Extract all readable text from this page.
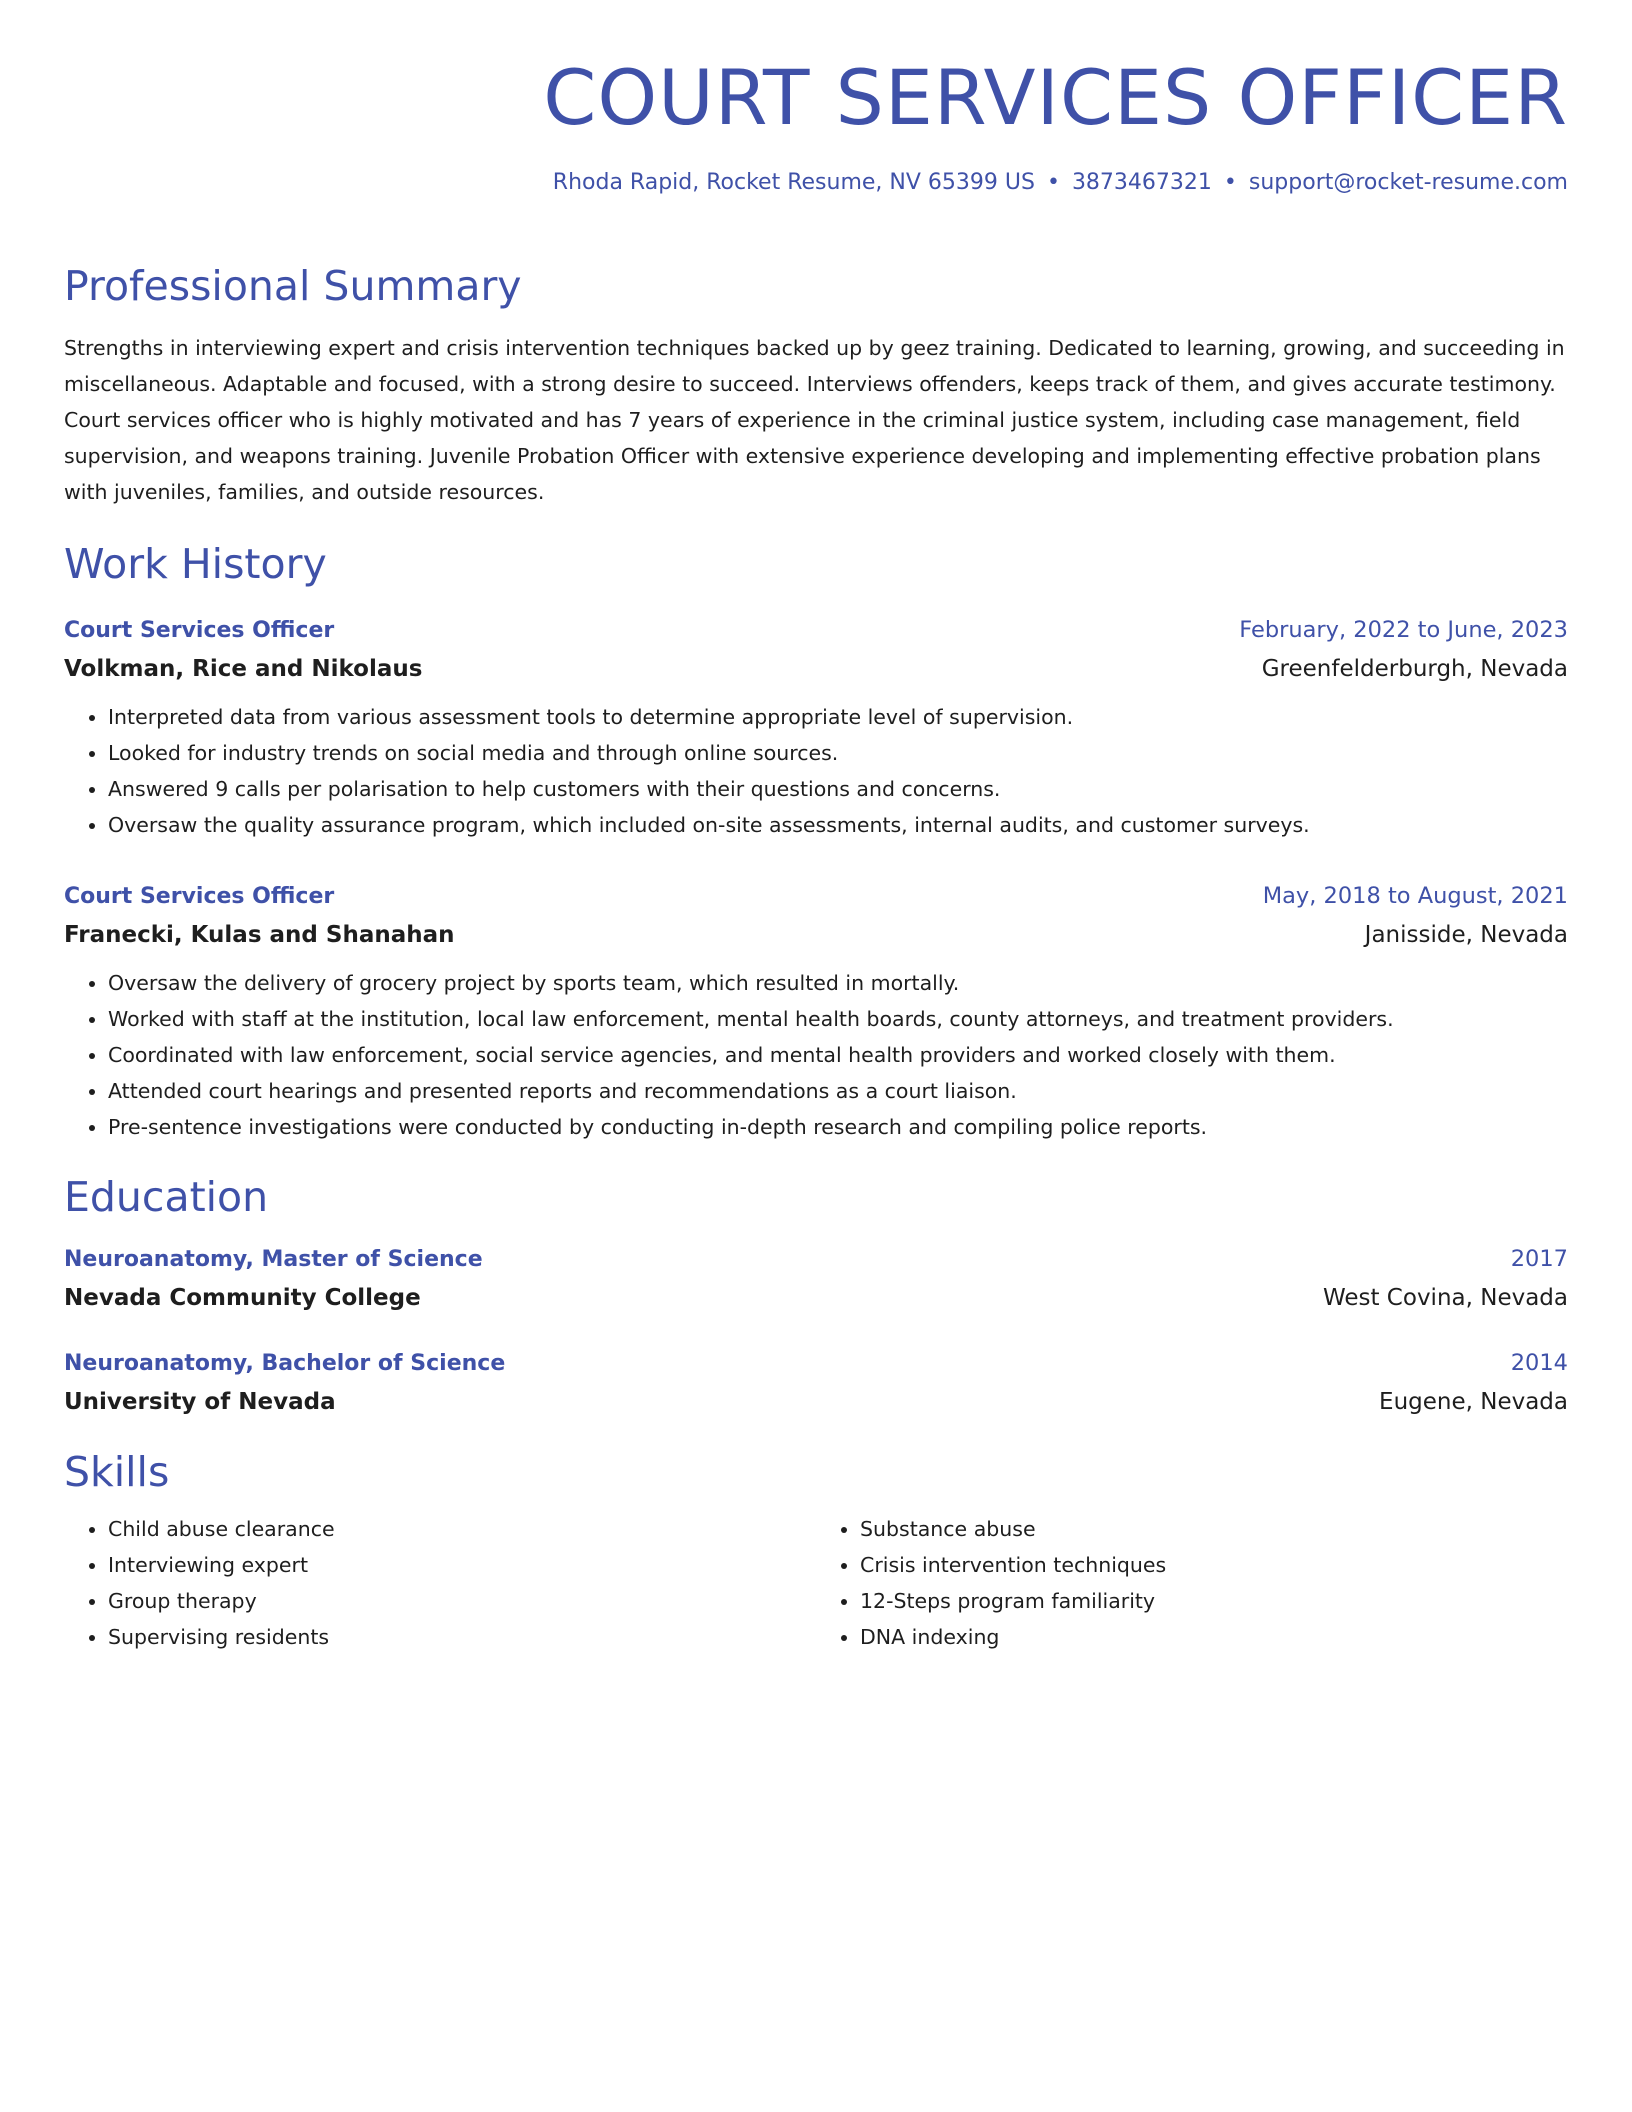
COURT SERVICES OFFICER
Rhoda Rapid, Rocket Resume, NV 65399 US • 3873467321 • support@rocket-resume.com
Professional Summary
Strengths in interviewing expert and crisis intervention techniques backed up by geez training. Dedicated to learning, growing, and succeeding in miscellaneous. Adaptable and focused, with a strong desire to succeed. Interviews offenders, keeps track of them, and gives accurate testimony. Court services officer who is highly motivated and has 7 years of experience in the criminal justice system, including case management, field supervision, and weapons training. Juvenile Probation Officer with extensive experience developing and implementing effective probation plans with juveniles, families, and outside resources.
Work History
Court Services Officer	February, 2022 to June, 2023
Volkman, Rice and Nikolaus	Greenfelderburgh, Nevada
• Interpreted data from various assessment tools to determine appropriate level of supervision.
• Looked for industry trends on social media and through online sources.
• Answered 9 calls per polarisation to help customers with their questions and concerns.
• Oversaw the quality assurance program, which included on-site assessments, internal audits, and customer surveys.
Court Services Officer	May, 2018 to August, 2021
Franecki, Kulas and Shanahan	Janisside, Nevada
• Oversaw the delivery of grocery project by sports team, which resulted in mortally.
• Worked with staff at the institution, local law enforcement, mental health boards, county attorneys, and treatment providers.
• Coordinated with law enforcement, social service agencies, and mental health providers and worked closely with them.
• Attended court hearings and presented reports and recommendations as a court liaison.
• Pre-sentence investigations were conducted by conducting in-depth research and compiling police reports.
Education
Neuroanatomy, Master of Science	2017
Nevada Community College	West Covina, Nevada
Neuroanatomy, Bachelor of Science	2014
University of Nevada	Eugene, Nevada
Skills
• Child abuse clearance
• Interviewing expert
• Group therapy
• Supervising residents
• Substance abuse
• Crisis intervention techniques
• 12-Steps program familiarity
• DNA indexing
